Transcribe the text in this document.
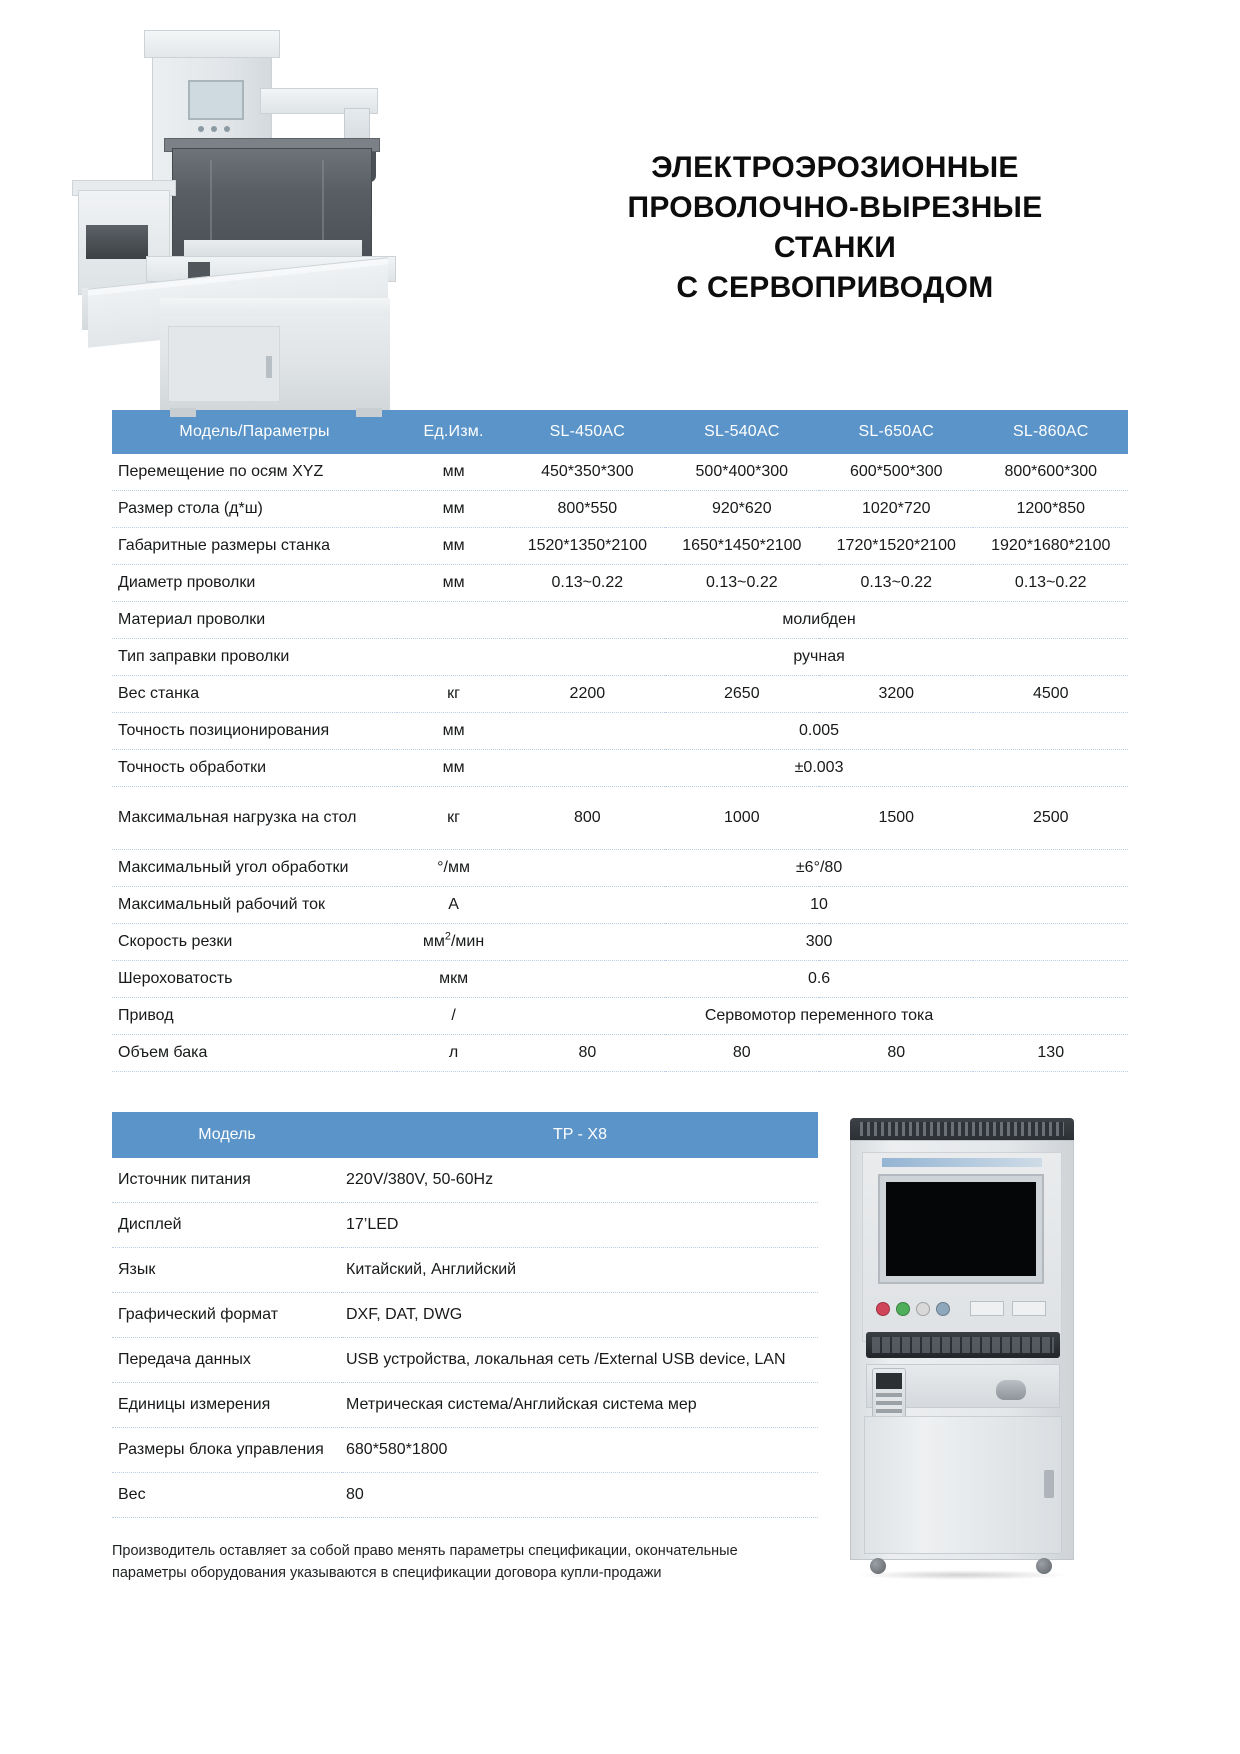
ЭЛЕКТРОЭРОЗИОННЫЕ
ПРОВОЛОЧНО-ВЫРЕЗНЫЕ
СТАНКИ
С СЕРВОПРИВОДОМ
Модель/Параметры	Ед.Изм.	SL-450AC	SL-540AC	SL-650AC	SL-860AC
Перемещение по осям XYZ	мм	450*350*300	500*400*300	600*500*300	800*600*300
Размер стола (д*ш)	мм	800*550	920*620	1020*720	1200*850
Габаритные размеры станка	мм	1520*1350*2100	1650*1450*2100	1720*1520*2100	1920*1680*2100
Диаметр проволки	мм	0.13~0.22	0.13~0.22	0.13~0.22	0.13~0.22
Материал проволки		молибден			
Тип заправки проволки		ручная			
Вес станка	кг	2200	2650	3200	4500
Точность позиционирования	мм	0.005			
Точность обработки	мм	±0.003			
Максимальная нагрузка на стол	кг	800	1000	1500	2500
Максимальный угол обработки	°/мм	±6°/80			
Максимальный рабочий ток	А	10			
Скорость резки	$мм^2$/мин	300			
Шероховатость	мкм	0.6			
Привод	/	Сервомотор переменного тока			
Объем бака	л	80	80	80	130
Модель	TP - X8
Источник питания	220V/380V, 50-60Hz
Дисплей	17’LED
Язык	Китайский, Английский
Графический формат	DXF, DAT, DWG
Передача данных	USB устройства, локальная сеть /External USB device, LAN
Единицы измерения	Метрическая система/Английская система мер
Размеры блока управления	680*580*1800
Вес	80

Производитель оставляет за собой право менять параметры спецификации, окончательные параметры оборудования указываются в спецификации договора купли-продажи
